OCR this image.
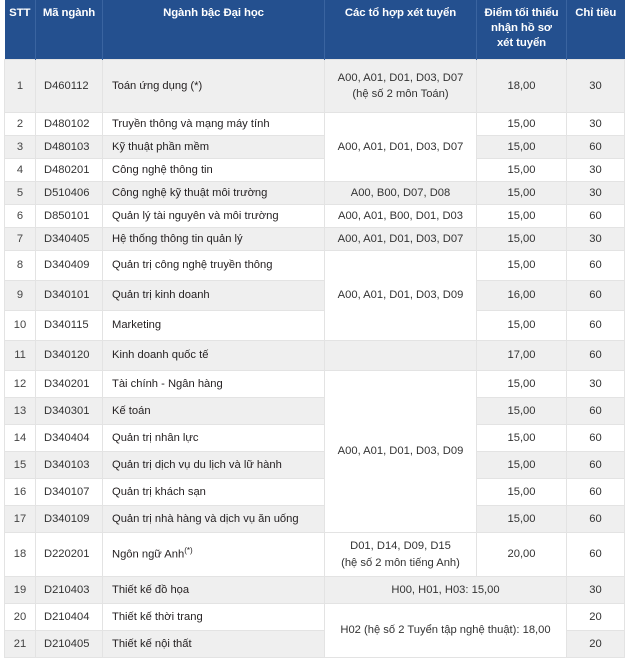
STT	Mã ngành	Ngành bậc Đại học	Các tổ hợp xét tuyển	Điểm tối thiểu
nhận hồ sơ
xét tuyển	Chỉ tiêu
1	D460112	Toán ứng dụng (*)	A00, A01, D01, D03, D07
(hệ số 2 môn Toán)	18,00	30
2	D480102	Truyền thông và mạng máy tính	A00, A01, D01, D03, D07	15,00	30
3	D480103	Kỹ thuật phần mềm		15,00	60
4	D480201	Công nghệ thông tin		15,00	30
5	D510406	Công nghệ kỹ thuật môi trường	A00, B00, D07, D08	15,00	30
6	D850101	Quản lý tài nguyên và môi trường	A00, A01, B00, D01, D03	15,00	60
7	D340405	Hệ thống thông tin quản lý	A00, A01, D01, D03, D07	15,00	30
8	D340409	Quản trị công nghệ truyền thông	A00, A01, D01, D03, D09	15,00	60
9	D340101	Quản trị kinh doanh		16,00	60
10	D340115	Marketing		15,00	60
11	D340120	Kinh doanh quốc tế		17,00	60
12	D340201	Tài chính - Ngân hàng	A00, A01, D01, D03, D09	15,00	30
13	D340301	Kế toán		15,00	60
14	D340404	Quản trị nhân lực		15,00	60
15	D340103	Quản trị dịch vụ du lịch và lữ hành		15,00	60
16	D340107	Quản trị khách sạn		15,00	60
17	D340109	Quản trị nhà hàng và dịch vụ ăn uống		15,00	60
18	D220201	Ngôn ngữ Anh(*)	D01, D14, D09, D15
(hệ số 2 môn tiếng Anh)	20,00	60
19	D210403	Thiết kế đồ họa	H00, H01, H03: 15,00		30
20	D210404	Thiết kế thời trang	H02 (hệ số 2 Tuyển tập nghệ thuật): 18,00		20
21	D210405	Thiết kế nội thất			20
